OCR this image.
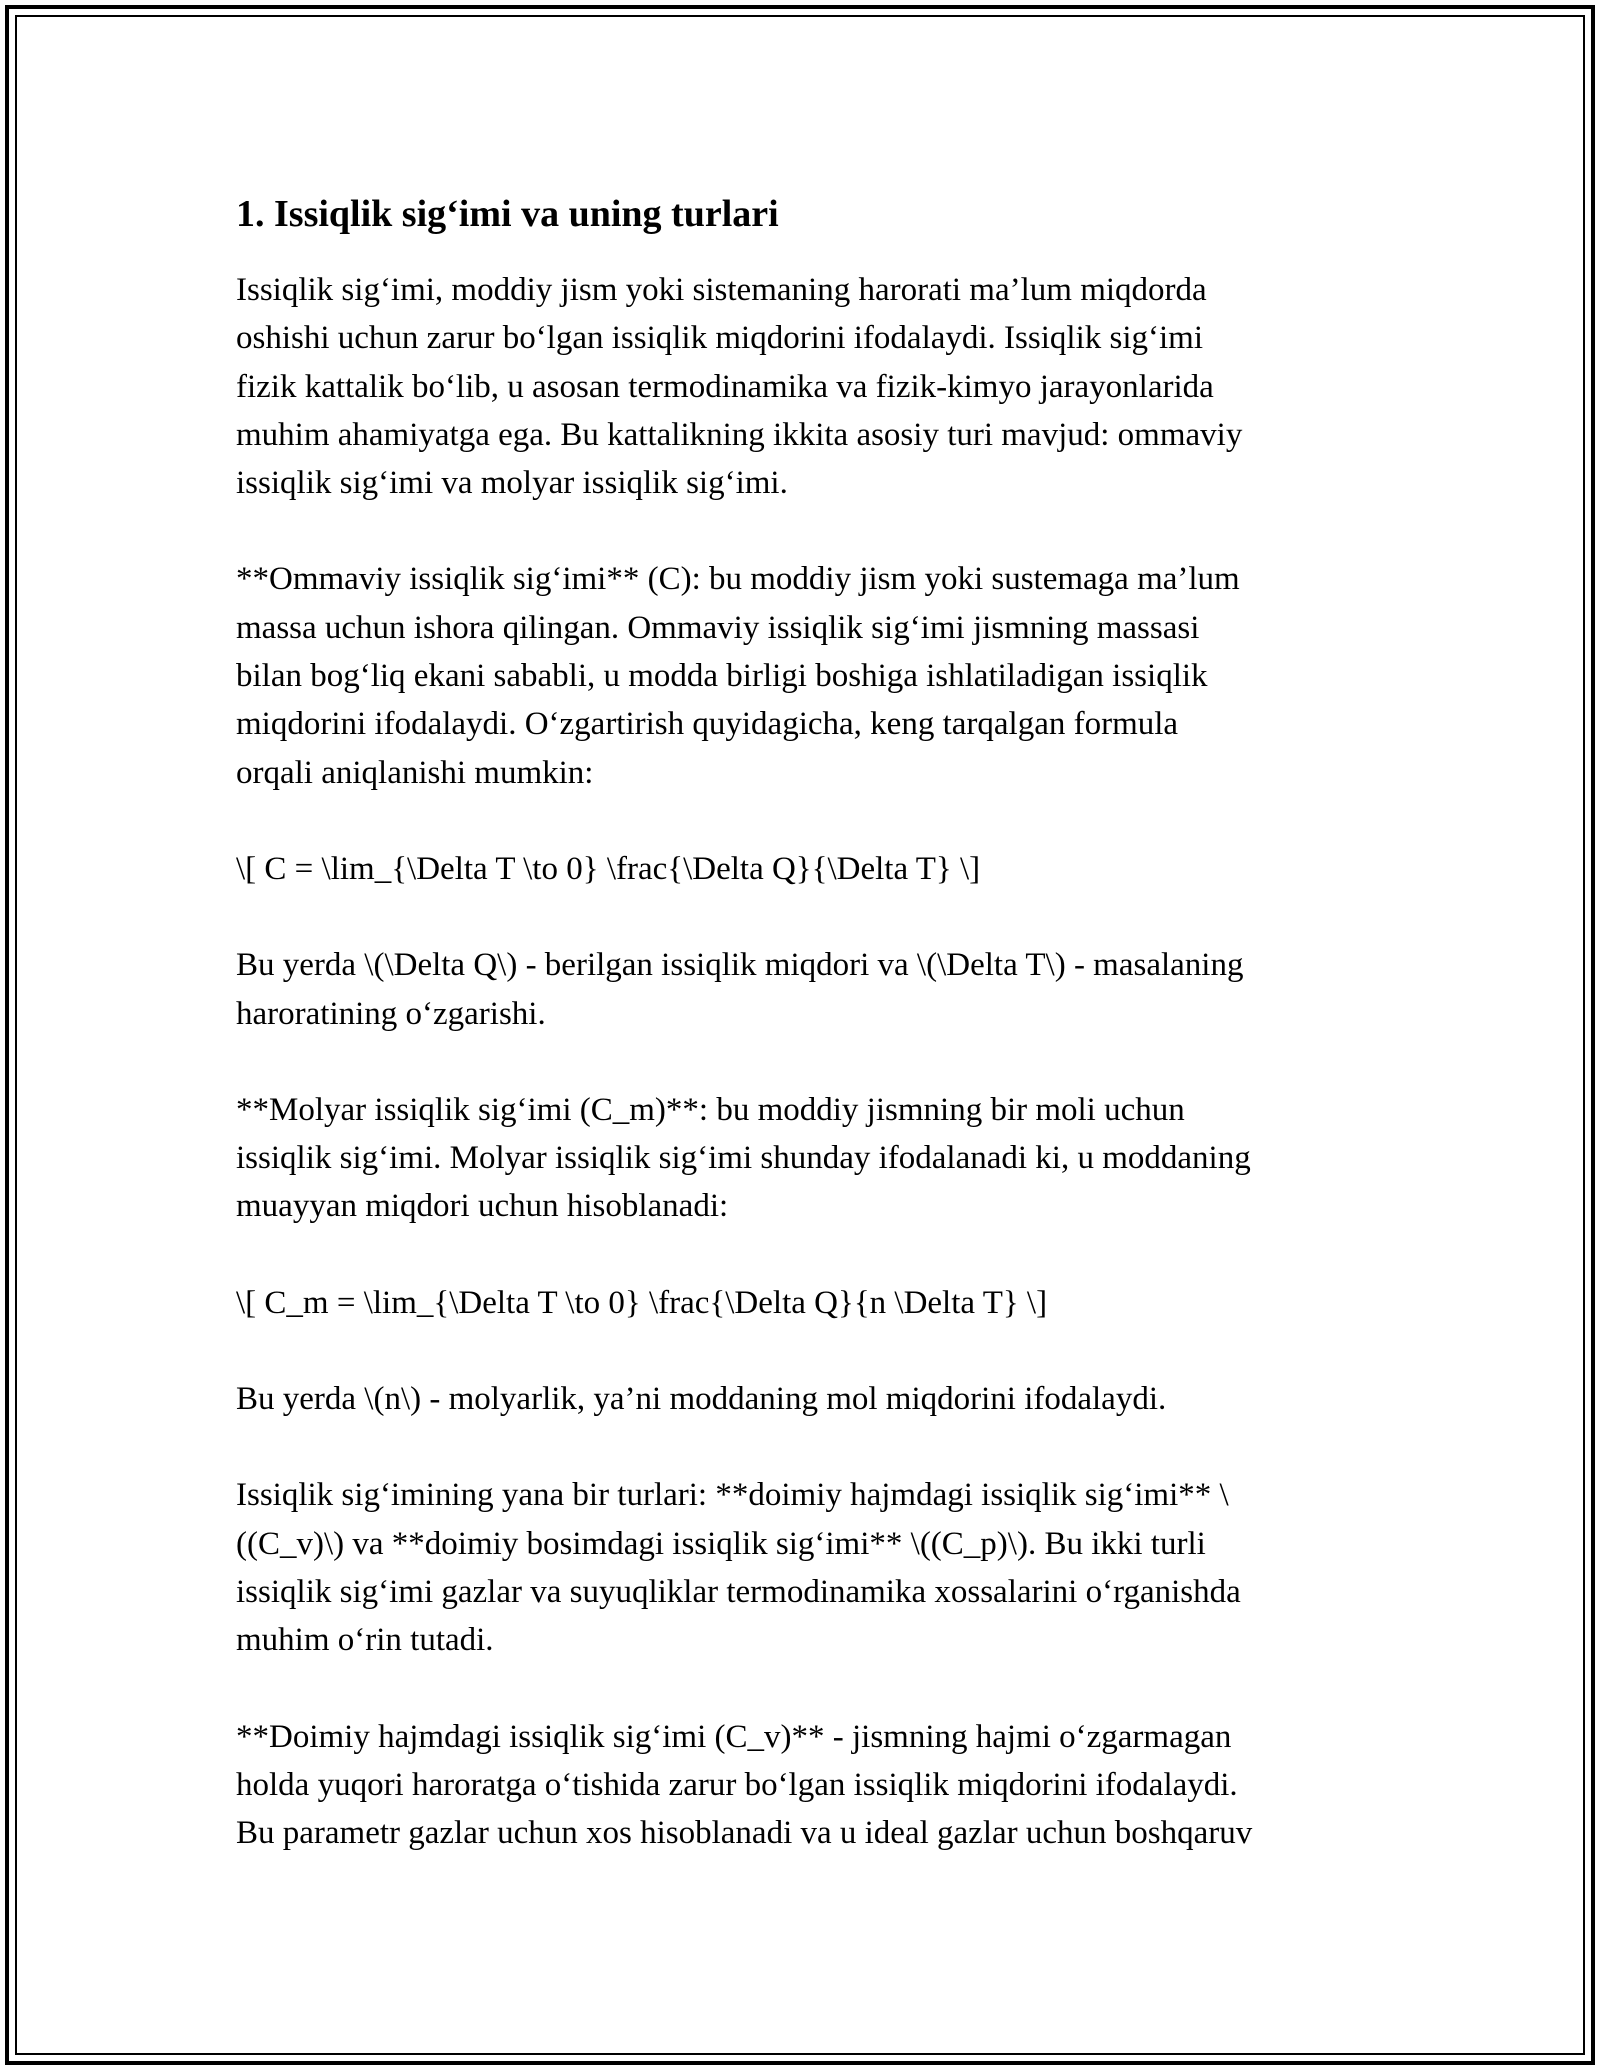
1. Issiqlik sig‘imi va uning turlari

Issiqlik sig‘imi, moddiy jism yoki sistemaning harorati ma’lum miqdorda
oshishi uchun zarur bo‘lgan issiqlik miqdorini ifodalaydi. Issiqlik sig‘imi
fizik kattalik bo‘lib, u asosan termodinamika va fizik-kimyo jarayonlarida
muhim ahamiyatga ega. Bu kattalikning ikkita asosiy turi mavjud: ommaviy
issiqlik sig‘imi va molyar issiqlik sig‘imi.

**Ommaviy issiqlik sig‘imi** (C): bu moddiy jism yoki sustemaga ma’lum
massa uchun ishora qilingan. Ommaviy issiqlik sig‘imi jismning massasi
bilan bog‘liq ekani sababli, u modda birligi boshiga ishlatiladigan issiqlik
miqdorini ifodalaydi. O‘zgartirish quyidagicha, keng tarqalgan formula
orqali aniqlanishi mumkin:

\[ C = \lim_{\Delta T \to 0} \frac{\Delta Q}{\Delta T} \]

Bu yerda \(\Delta Q\) - berilgan issiqlik miqdori va \(\Delta T\) - masalaning
haroratining o‘zgarishi.

**Molyar issiqlik sig‘imi (C_m)**: bu moddiy jismning bir moli uchun
issiqlik sig‘imi. Molyar issiqlik sig‘imi shunday ifodalanadi ki, u moddaning
muayyan miqdori uchun hisoblanadi:

\[ C_m = \lim_{\Delta T \to 0} \frac{\Delta Q}{n \Delta T} \]

Bu yerda \(n\) - molyarlik, ya’ni moddaning mol miqdorini ifodalaydi.

Issiqlik sig‘imining yana bir turlari: **doimiy hajmdagi issiqlik sig‘imi** \
((C_v)\) va **doimiy bosimdagi issiqlik sig‘imi** \((C_p)\). Bu ikki turli
issiqlik sig‘imi gazlar va suyuqliklar termodinamika xossalarini o‘rganishda
muhim o‘rin tutadi.

**Doimiy hajmdagi issiqlik sig‘imi (C_v)** - jismning hajmi o‘zgarmagan
holda yuqori haroratga o‘tishida zarur bo‘lgan issiqlik miqdorini ifodalaydi.
Bu parametr gazlar uchun xos hisoblanadi va u ideal gazlar uchun boshqaruv
